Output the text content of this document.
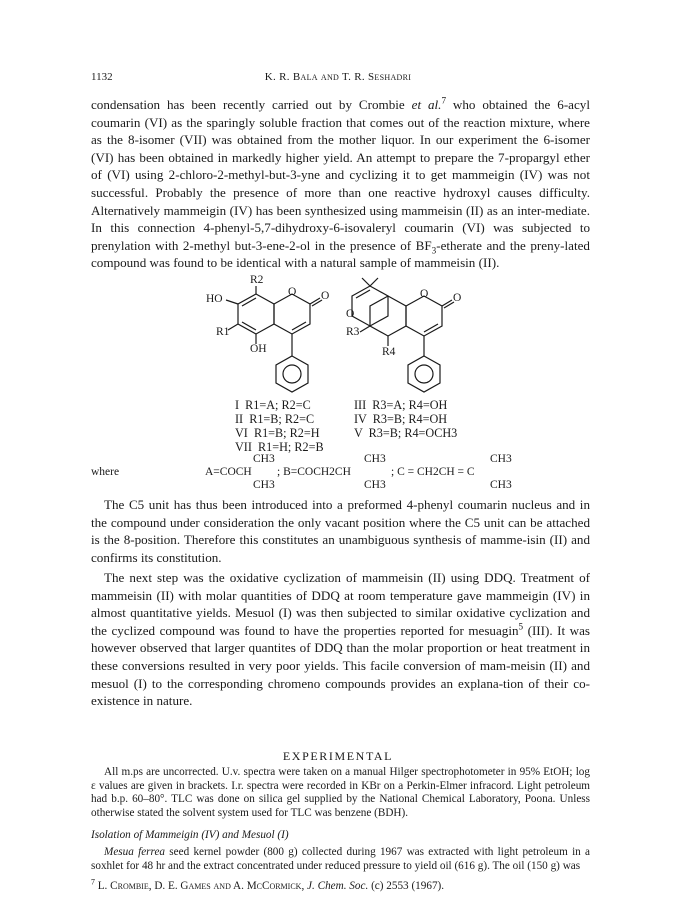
1132	K. R. Bala and T. R. Seshadri

condensation has been recently carried out by Crombie et al.$^7$ who obtained the 6-acyl coumarin (VI) as the sparingly soluble fraction that comes out of the reaction mixture, where as the 8-isomer (VII) was obtained from the mother liquor. In our experiment the 6-isomer (VI) has been obtained in markedly higher yield. An attempt to prepare the 7-propargyl ether of (VI) using 2-chloro-2-methyl-but-3-yne and cyclizing it to get mammeigin (IV) was not successful. Probably the presence of more than one reactive hydroxyl causes difficulty. Alternatively mammeigin (IV) has been synthesized using mammeisin (II) as an inter-mediate. In this connection 4-phenyl-5,7-dihydroxy-6-isovaleryl coumarin (VI) was subjected to prenylation with 2-methyl but-3-ene-2-ol in the presence of $BF_3$-etherate and the preny-lated compound was found to be identical with a natural sample of mammeisin (II).

R2
HO
R1
OH
O O
O
O O
R3
R4
I  R1=A; R2=C
II  R1=B; R2=C
VI  R1=B; R2=H
VII  R1=H; R2=B
III  R3=A; R4=OH
IV  R3=B; R4=OH
V  R3=B; R4=OCH3
where	A=COCH
CH3
CH3
; B=COCH2CH
CH3
CH3
; C = CH2CH = C
CH3
CH3

The C5 unit has thus been introduced into a preformed 4-phenyl coumarin nucleus and in the compound under consideration the only vacant position where the C5 unit can be attached is the 8-position. Therefore this constitutes an unambiguous synthesis of mamme-isin (II) and confirms its constitution.

The next step was the oxidative cyclization of mammeisin (II) using DDQ. Treatment of mammeisin (II) with molar quantities of DDQ at room temperature gave mammeigin (IV) in almost quantitative yields. Mesuol (I) was then subjected to similar oxidative cyclization and the cyclized compound was found to have the properties reported for mesuagin$^5$ (III). It was however observed that larger quantites of DDQ than the molar proportion or heat treatment in these conversions resulted in very poor yields. This facile conversion of mam-meisin (II) and mesuol (I) to the corresponding chromeno compounds provides an explana-tion of their co-existence in nature.

EXPERIMENTAL

All m.ps are uncorrected. U.v. spectra were taken on a manual Hilger spectrophotometer in 95% EtOH; log ε values are given in brackets. I.r. spectra were recorded in KBr on a Perkin-Elmer infracord. Light petroleum had b.p. 60–80°. TLC was done on silica gel supplied by the National Chemical Laboratory, Poona. Unless otherwise stated the solvent system used for TLC was benzene (BDH).

Isolation of Mammeigin (IV) and Mesuol (I)

Mesua ferrea seed kernel powder (800 g) collected during 1967 was extracted with light petroleum in a soxhlet for 48 hr and the extract concentrated under reduced pressure to yield oil (616 g). The oil (150 g) was

$^7$ L. Crombie, D. E. Games and A. McCormick, J. Chem. Soc. (c) 2553 (1967).
